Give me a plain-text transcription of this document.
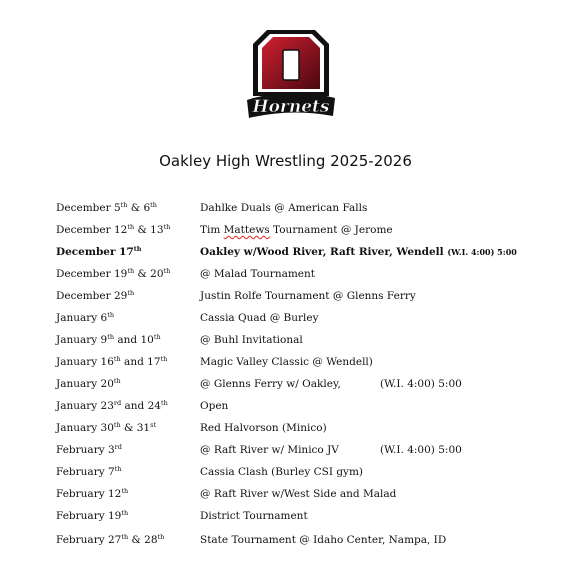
Hornets
Oakley High Wrestling 2025-2026
December 5th & 6th	Dahlke Duals @ American Falls
December 12th & 13th	Tim Mattews Tournament @ Jerome
December 17th	Oakley w/Wood River, Raft River, Wendell (W.I. 4:00) 5:00
December 19th & 20th	@ Malad Tournament
December 29th	Justin Rolfe Tournament @ Glenns Ferry
January 6th	Cassia Quad @ Burley
January 9th and 10th	@ Buhl Invitational
January 16th and 17th	Magic Valley Classic @ Wendell)
January 20th	@ Glenns Ferry w/ Oakley,	(W.I. 4:00) 5:00
January 23rd and 24th	Open
January 30th & 31st	Red Halvorson (Minico)
February 3rd	@ Raft River w/ Minico JV	(W.I. 4:00) 5:00
February 7th	Cassia Clash (Burley CSI gym)
February 12th	@ Raft River w/West Side and Malad
February 19th	District Tournament
February 27th & 28th	State Tournament @ Idaho Center, Nampa, ID
